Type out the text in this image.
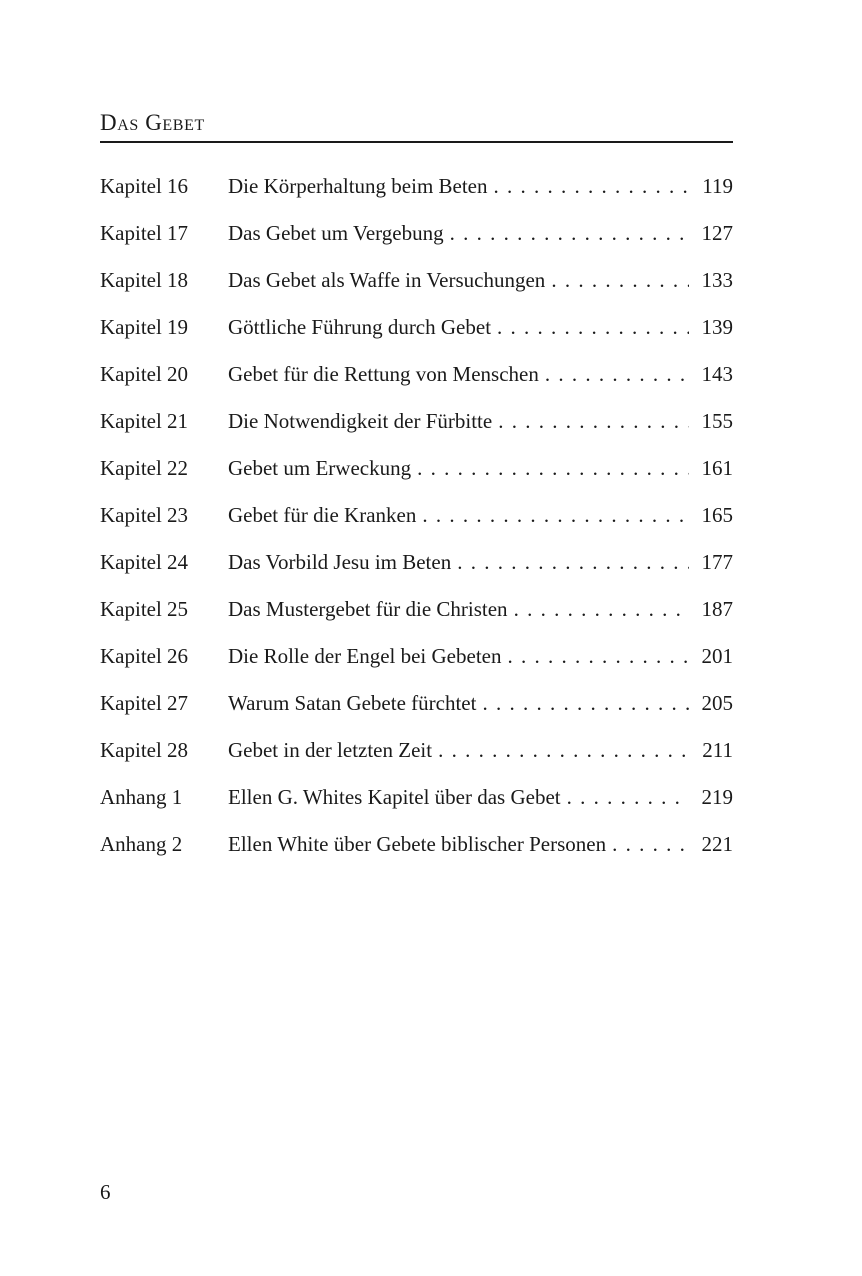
Das Gebet
Kapitel 16	Die Körperhaltung beim Beten . . .	119
Kapitel 17	Das Gebet um Vergebung . . .	127
Kapitel 18	Das Gebet als Waffe in Versuchungen . . .	133
Kapitel 19	Göttliche Führung durch Gebet . . .	139
Kapitel 20	Gebet für die Rettung von Menschen . . .	143
Kapitel 21	Die Notwendigkeit der Fürbitte . . .	155
Kapitel 22	Gebet um Erweckung . . .	161
Kapitel 23	Gebet für die Kranken . . .	165
Kapitel 24	Das Vorbild Jesu im Beten . . .	177
Kapitel 25	Das Mustergebet für die Christen . . .	187
Kapitel 26	Die Rolle der Engel bei Gebeten . . .	201
Kapitel 27	Warum Satan Gebete fürchtet . . .	205
Kapitel 28	Gebet in der letzten Zeit . . .	211
Anhang 1	Ellen G. Whites Kapitel über das Gebet . . .	219
Anhang 2	Ellen White über Gebete biblischer Personen . . .	221
6
